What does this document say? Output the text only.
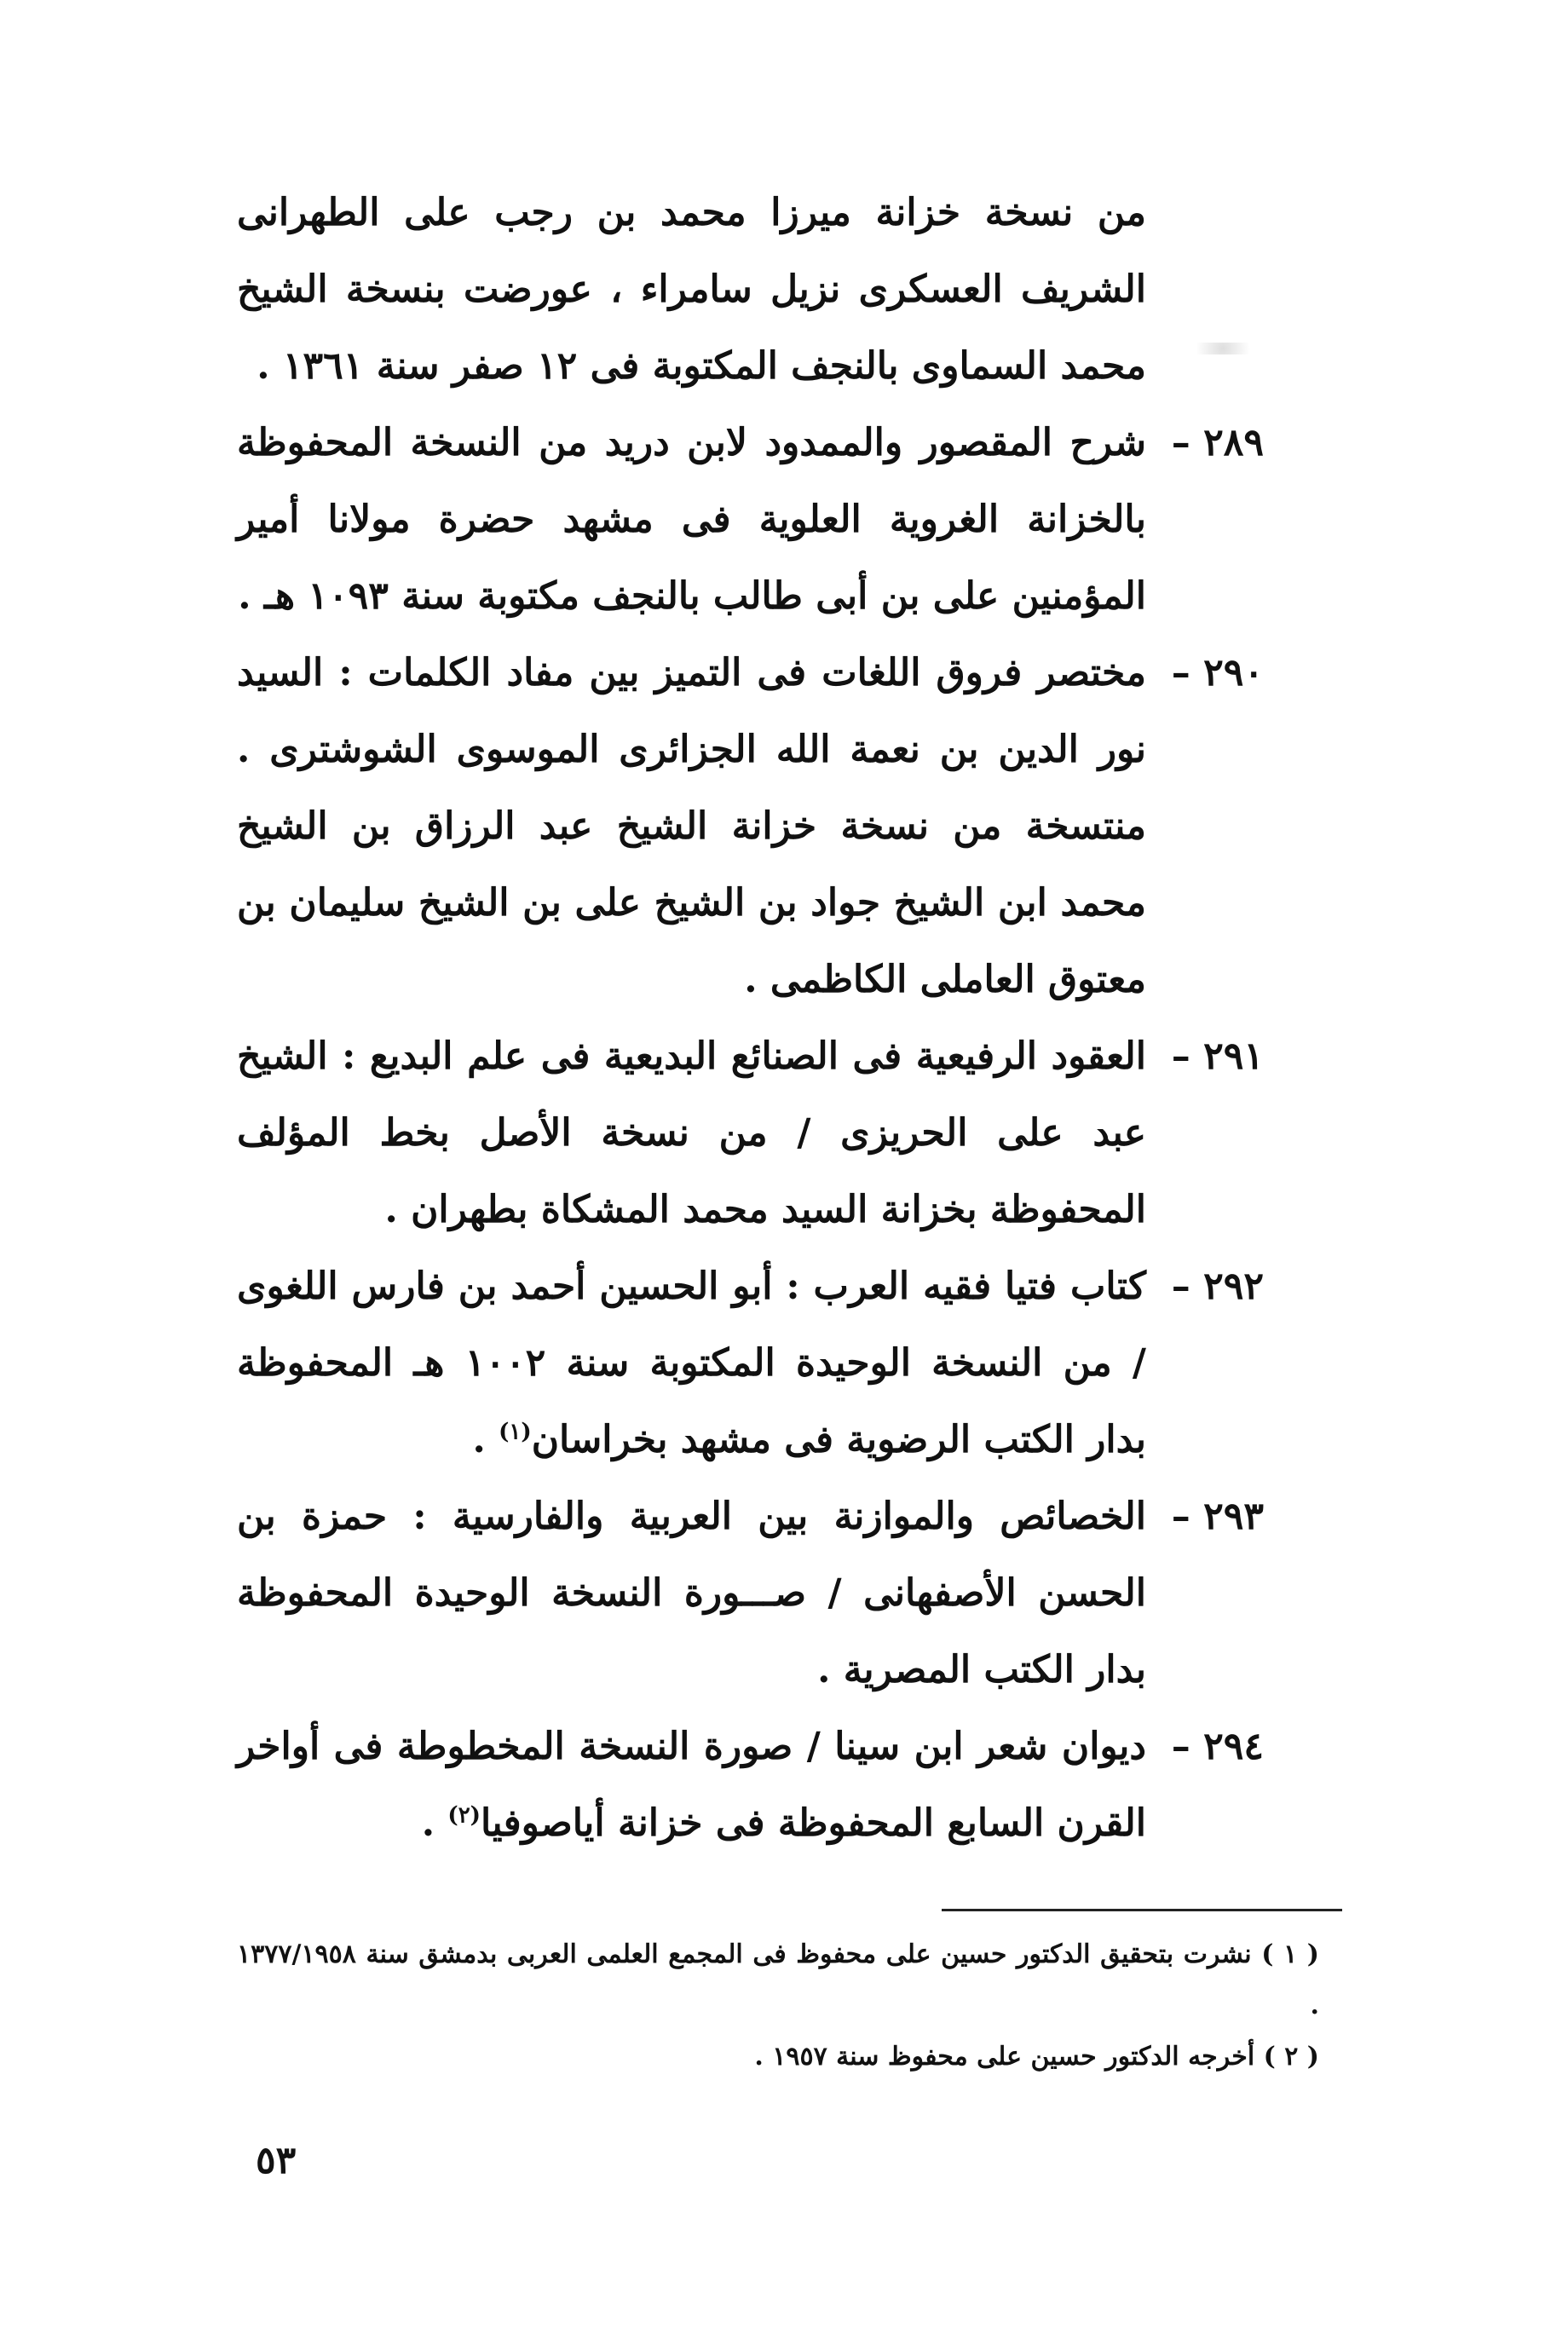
من نسخة خزانة ميرزا محمد بن رجب على الطهرانى الشريف العسكرى نزيل سامراء ، عورضت بنسخة الشيخ محمد السماوى بالنجف المكتوبة فى ١٢ صفر سنة ١٣٦١ .
٢٨٩ –
شرح المقصور والممدود لابن دريد من النسخة المحفوظة بالخزانة الغروية العلوية فى مشهد حضرة مولانا أمير المؤمنين على بن أبى طالب بالنجف مكتوبة سنة ١٠٩٣ هـ .
٢٩٠ –
مختصر فروق اللغات فى التميز بين مفاد الكلمات : السيد نور الدين بن نعمة الله الجزائرى الموسوى الشوشترى . منتسخة من نسخة خزانة الشيخ عبد الرزاق بن الشيخ محمد ابن الشيخ جواد بن الشيخ على بن الشيخ سليمان بن معتوق العاملى الكاظمى .
٢٩١ –
العقود الرفيعية فى الصنائع البديعية فى علم البديع : الشيخ عبد على الحريزى / من نسخة الأصل بخط المؤلف المحفوظة بخزانة السيد محمد المشكاة بطهران .
٢٩٢ –
كتاب فتيا فقيه العرب : أبو الحسين أحمد بن فارس اللغوى / من النسخة الوحيدة المكتوبة سنة ١٠٠٢ هـ المحفوظة بدار الكتب الرضوية فى مشهد بخراسان$^{(١)}$ .
٢٩٣ –
الخصائص والموازنة بين العربية والفارسية : حمزة بن الحسن الأصفهانى / صـــورة النسخة الوحيدة المحفوظة بدار الكتب المصرية .
٢٩٤ –
ديوان شعر ابن سينا / صورة النسخة المخطوطة فى أواخر القرن السابع المحفوظة فى خزانة أياصوفيا$^{(٢)}$ .
( ١ ) نشرت بتحقيق الدكتور حسين على محفوظ فى المجمع العلمى العربى بدمشق سنة ١٣٧٧/١٩٥٨ .
( ٢ ) أخرجه الدكتور حسين على محفوظ سنة ١٩٥٧ .
٥٣
